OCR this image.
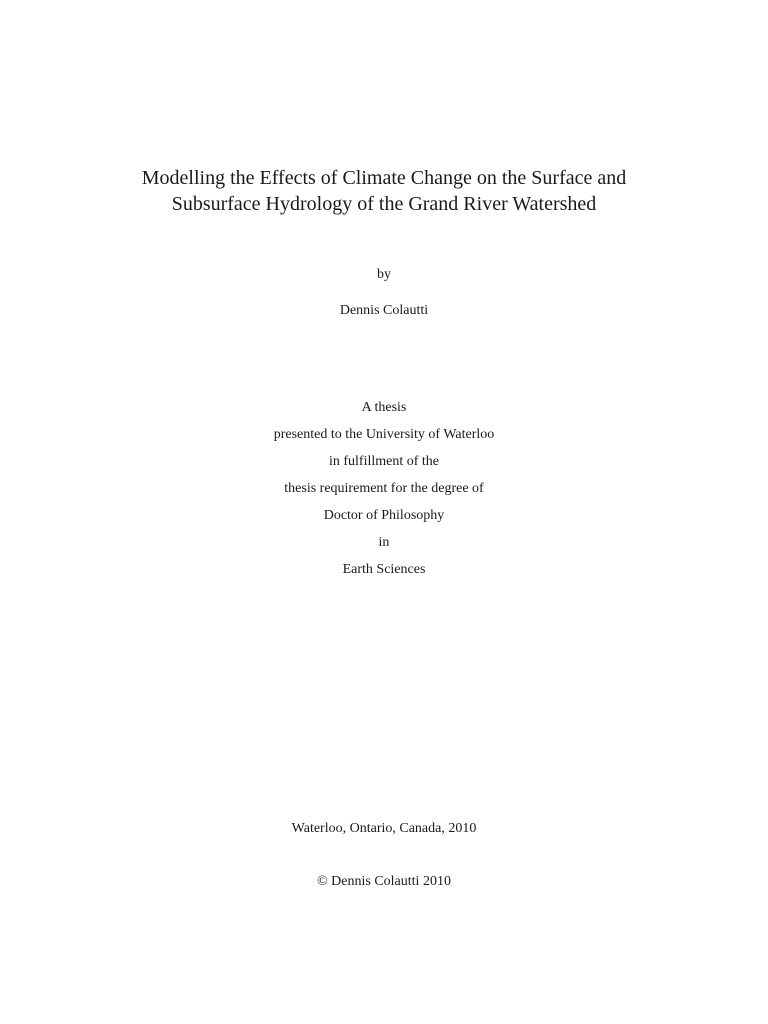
Modelling the Effects of Climate Change on the Surface and
Subsurface Hydrology of the Grand River Watershed
by
Dennis Colautti
A thesis
presented to the University of Waterloo
in fulfillment of the
thesis requirement for the degree of
Doctor of Philosophy
in
Earth Sciences
Waterloo, Ontario, Canada, 2010
© Dennis Colautti 2010
